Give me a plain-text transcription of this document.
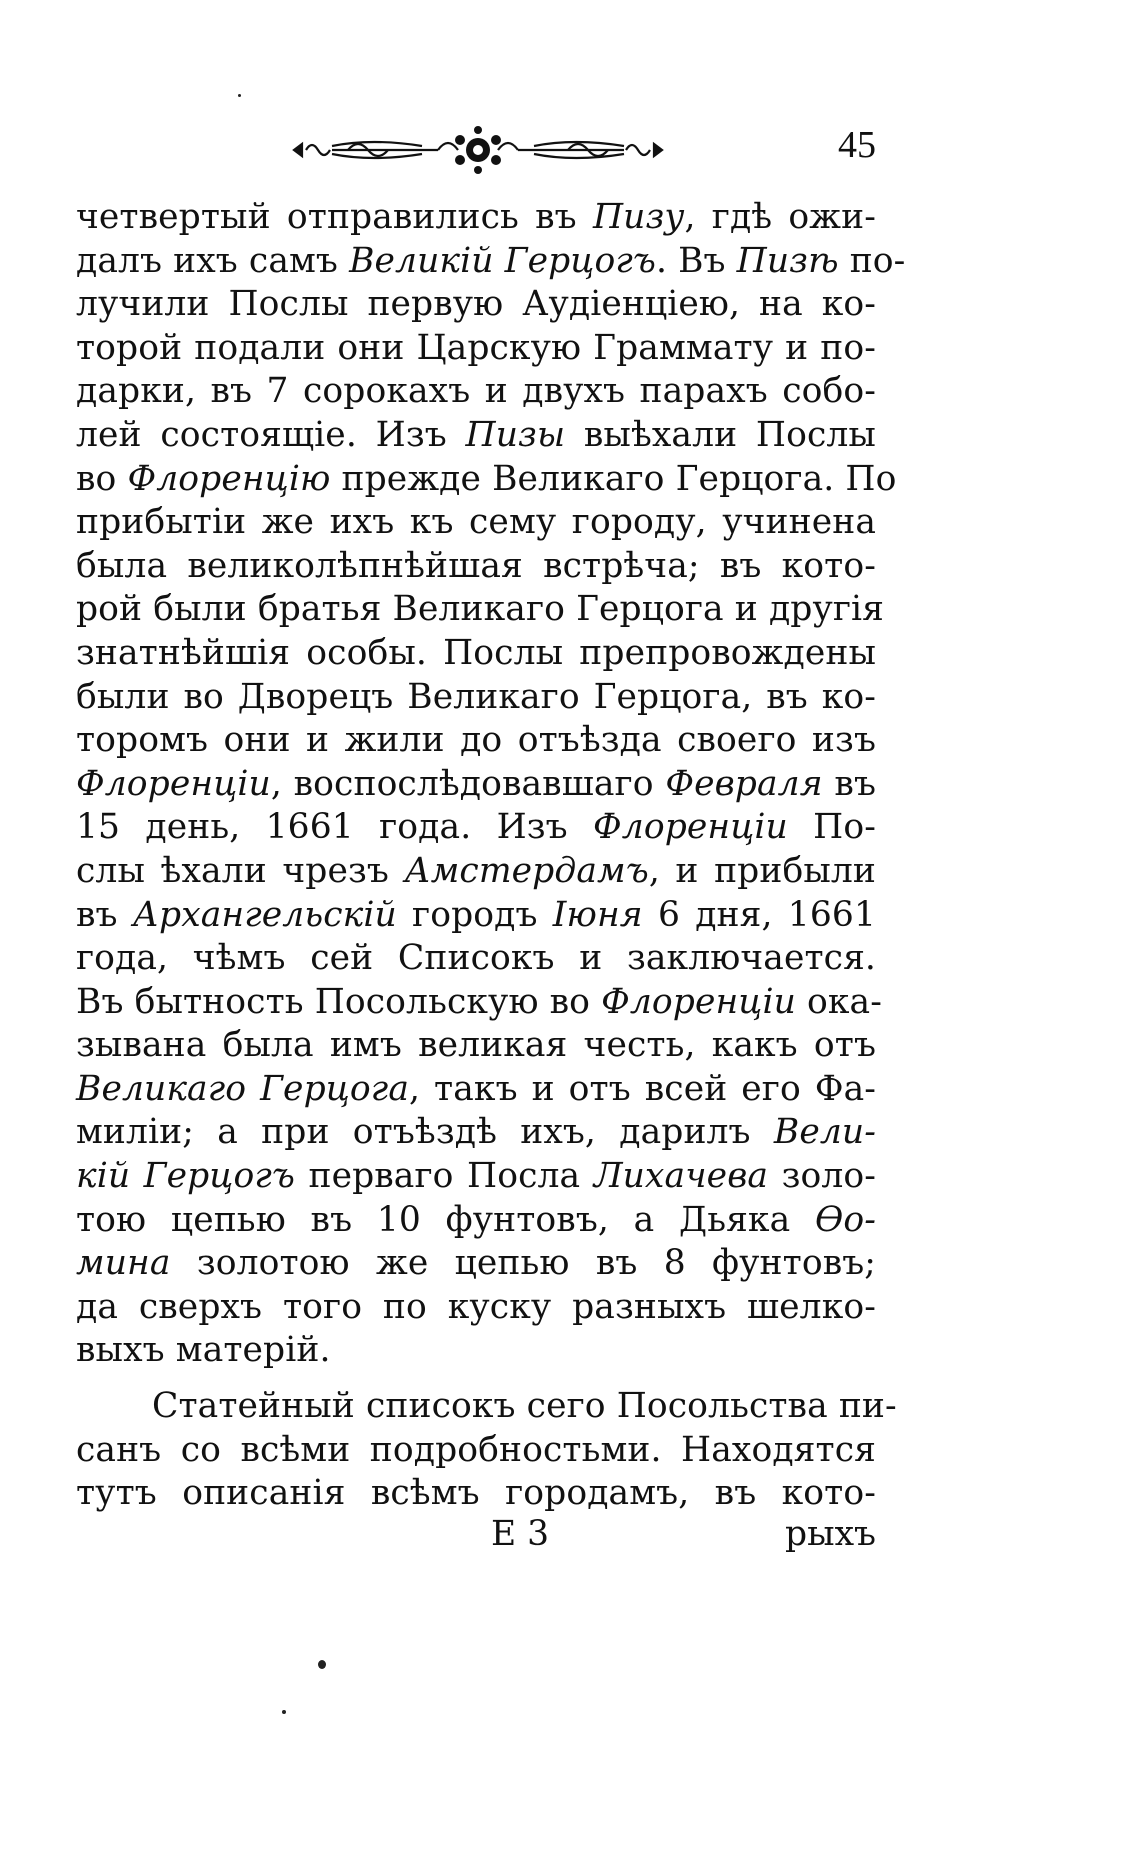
45
четвертый отправились въ Пизу, гдѣ ожи-
далъ ихъ самъ Великій Герцогъ. Въ Пизѣ по-
лучили Послы первую Аудіенціею, на ко-
торой подали они Царскую Граммату и по-
дарки, въ 7 сорокахъ и двухъ парахъ собо-
лей состоящіе. Изъ Пизы выѣхали Послы
во Флоренцію прежде Великаго Герцога. По
прибытіи же ихъ къ сему городу, учинена
была великолѣпнѣйшая встрѣча; въ кото-
рой были братья Великаго Герцога и другія
знатнѣйшія особы. Послы препровождены
были во Дворецъ Великаго Герцога, въ ко-
торомъ они и жили до отъѣзда своего изъ
Флоренціи, воспослѣдовавшаго Февраля въ
15 день, 1661 года. Изъ Флоренціи По-
слы ѣхали чрезъ Амстердамъ, и прибыли
въ Архангельскій городъ Іюня 6 дня, 1661
года, чѣмъ сей Списокъ и заключается.
Въ бытность Посольскую во Флоренціи ока-
зывана была имъ великая честь, какъ отъ
Великаго Герцога, такъ и отъ всей его Фа-
миліи; а при отъѣздѣ ихъ, дарилъ Вели-
кій Герцогъ перваго Посла Лихачева золо-
тою цепью въ 10 фунтовъ, а Дьяка Ѳо-
мина золотою же цепью въ 8 фунтовъ;
да сверхъ того по куску разныхъ шелко-
выхъ матерій.
Статейный списокъ сего Посольства пи-
санъ со всѣми подробностьми. Находятся
тутъ описанія всѣмъ городамъ, въ кото-
Е 3	рыхъ
